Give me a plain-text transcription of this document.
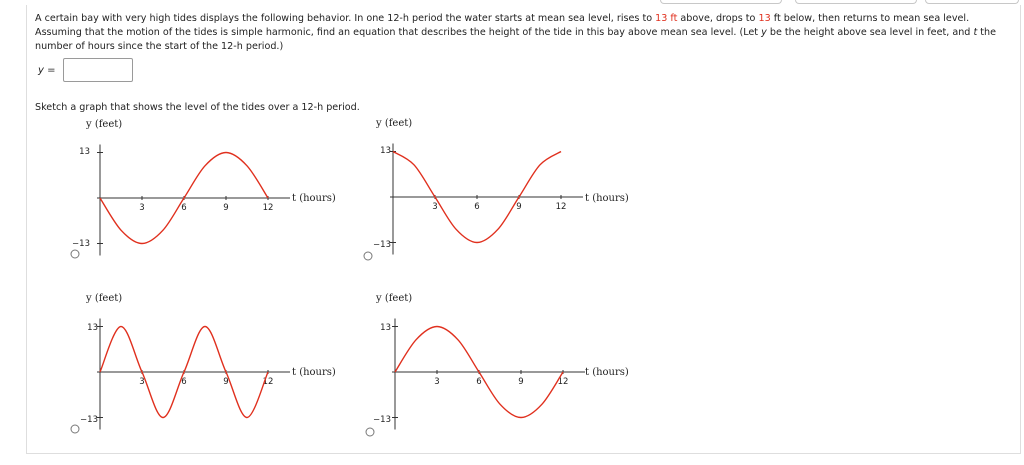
A certain bay with very high tides displays the following behavior. In one 12-h period the water starts at mean sea level, rises to 13 ft above, drops to 13 ft below, then returns to mean sea level. Assuming that the motion of the tides is simple harmonic, find an equation that describes the height of the tide in this bay above mean sea level. (Let y be the height above sea level in feet, and t the number of hours since the start of the 12-h period.)
y =
Sketch a graph that shows the level of the tides over a 12-h period.
y (feet)
t (hours)
13
−13
3	6	9	12
y (feet)
t (hours)
13
−13
3	6	9	12
y (feet)
t (hours)
13
−13
3	6	9	12
y (feet)
t (hours)
13
−13
3	6	9	12
